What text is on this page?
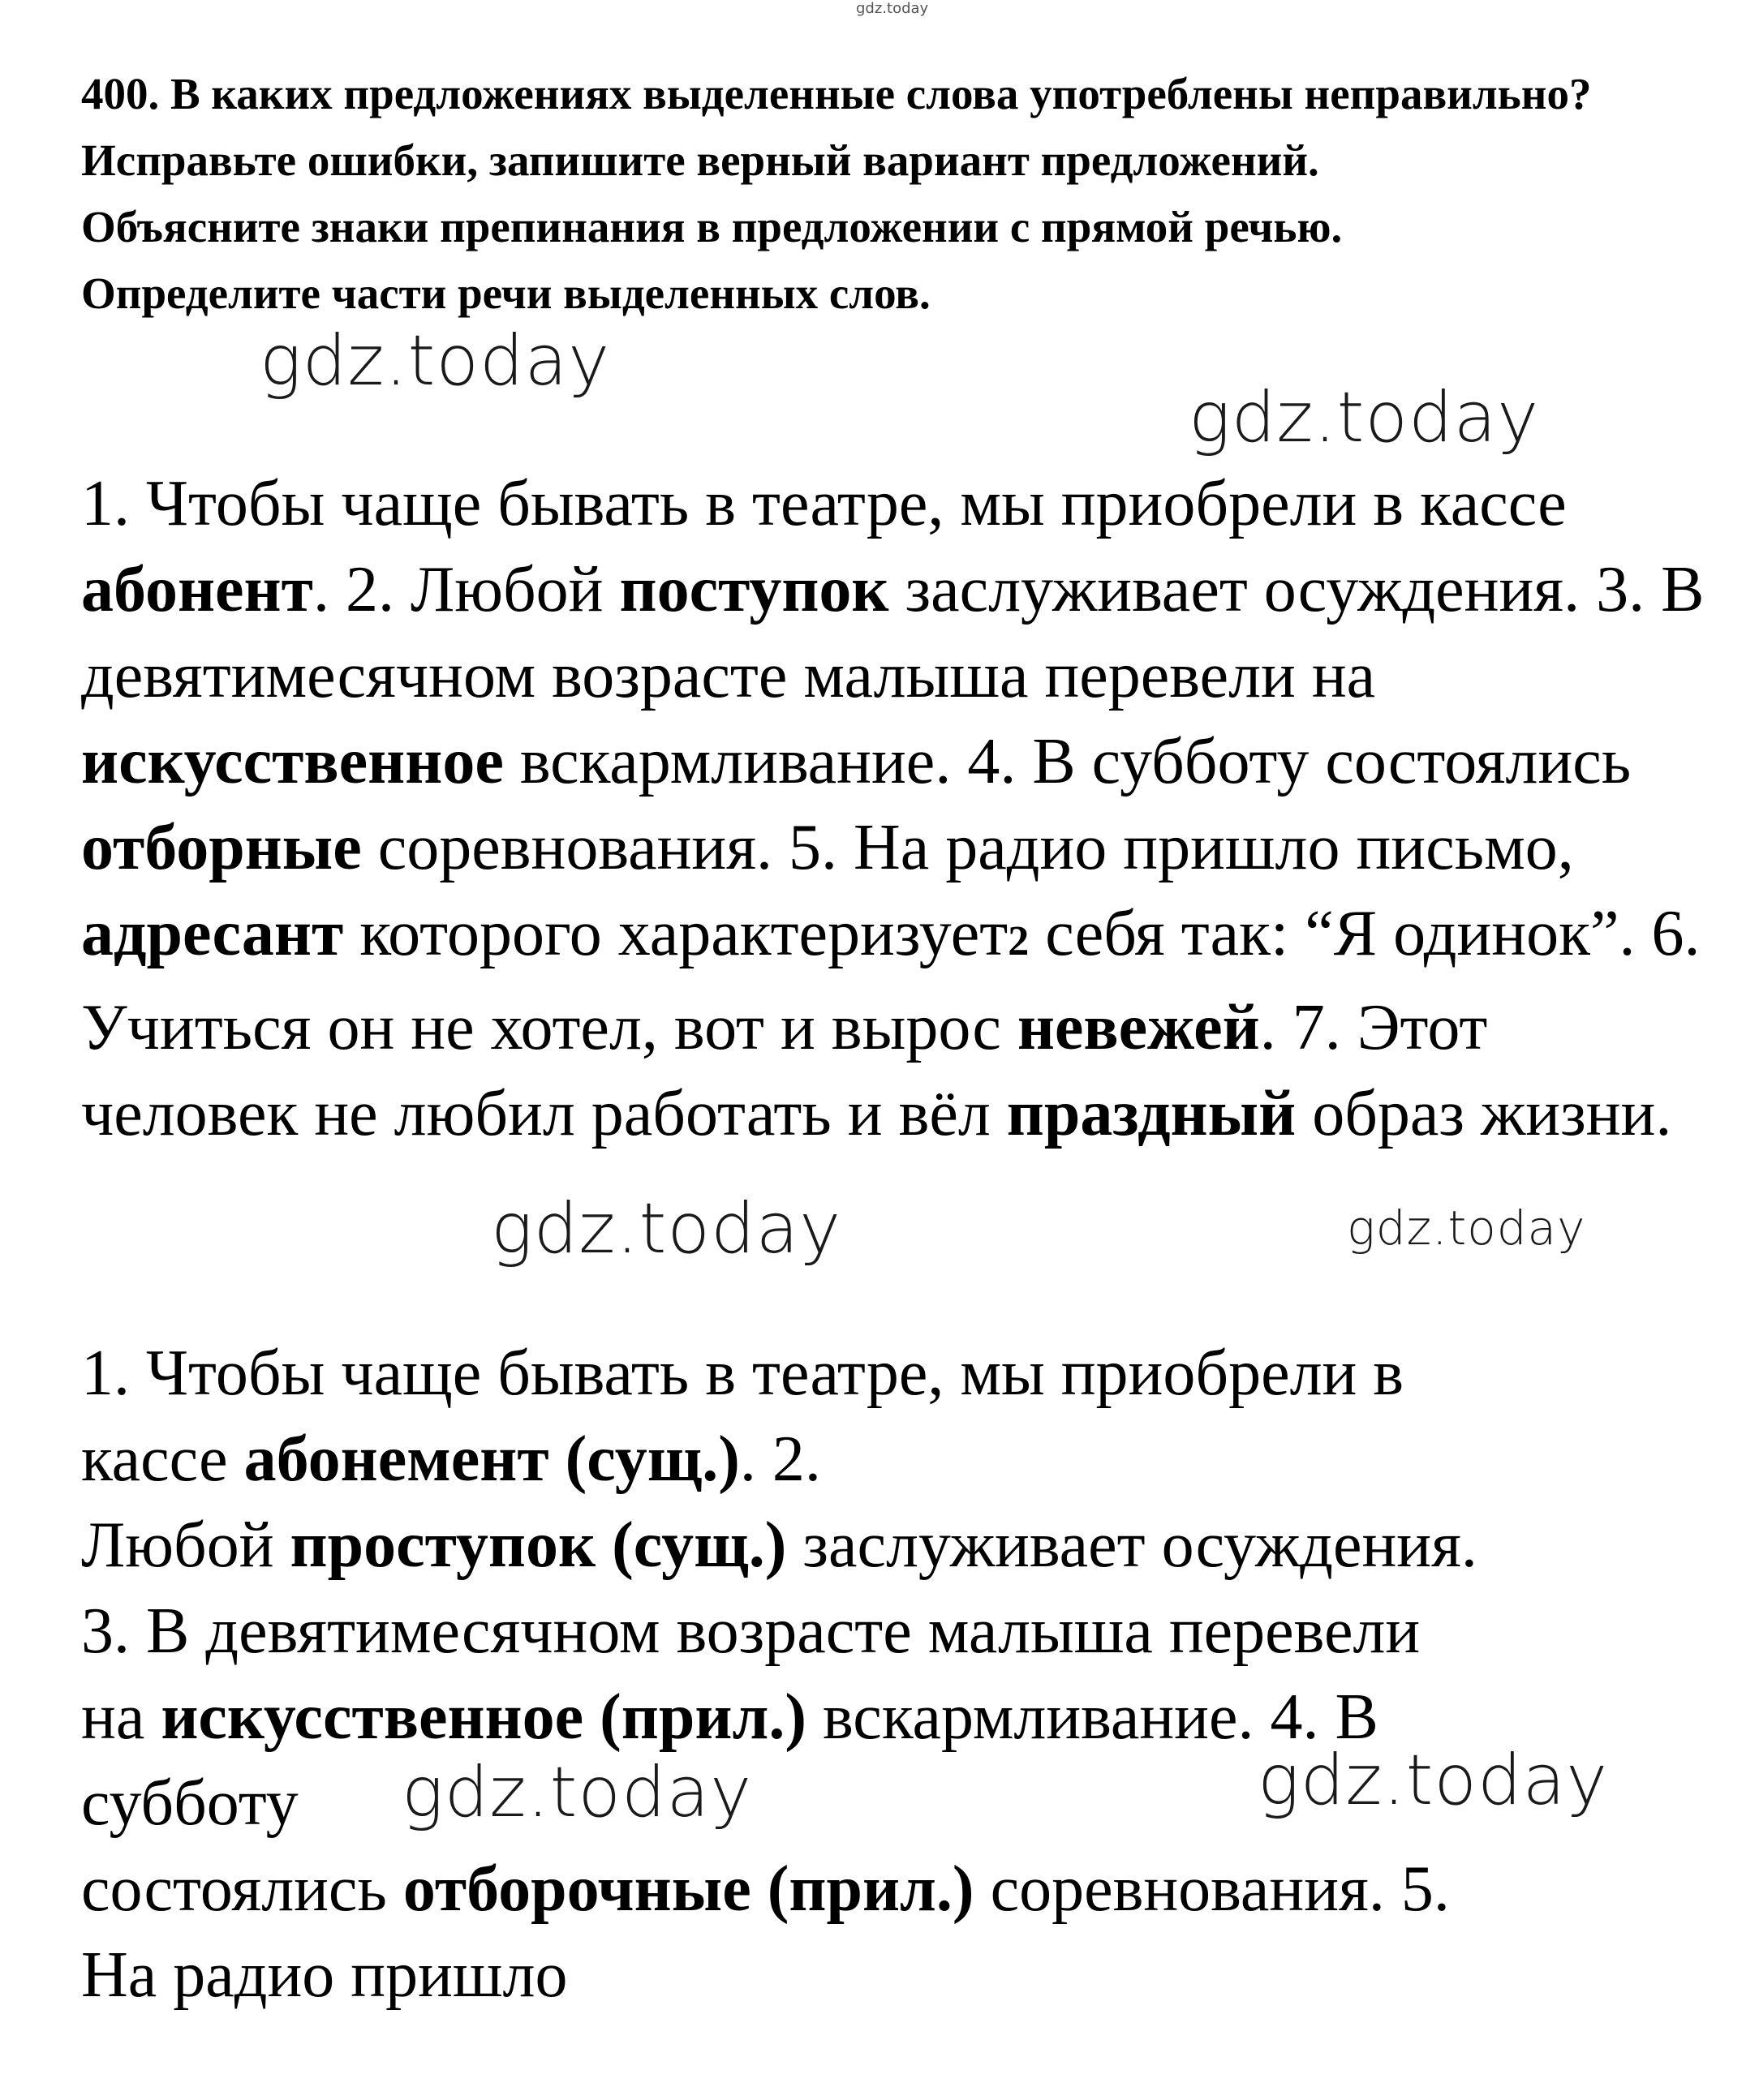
gdz.today

400. В каких предложениях выделенные слова употреблены неправильно? Исправьте ошибки, запишите верный вариант предложений.

Объясните знаки препинания в предложении с прямой речью.

Определите части речи выделенных слов.

1. Чтобы чаще бывать в театре, мы приобрели в кассе абонент. 2. Любой поступок заслуживает осуждения. 3. В девятимесячном возрасте малыша перевели на искусственное вскармливание. 4. В субботу состоялись отборные соревнования. 5. На радио пришло письмо, адресант которого характеризует2 себя так: “Я одинок”. 6. Учиться он не хотел, вот и вырос невежей. 7. Этот человек не любил работать и вёл праздный образ жизни.

1. Чтобы чаще бывать в театре, мы приобрели в

кассе абонемент (сущ.). 2.

Любой проступок (сущ.) заслуживает осуждения.

3. В девятимесячном возрасте малыша перевели

на искусственное (прил.) вскармливание. 4. В

субботу

состоялись отборочные (прил.) соревнования. 5.

На радио пришло

gdz.today
gdz.today
gdz.today	gdz.today
gdz.today	gdz.today
